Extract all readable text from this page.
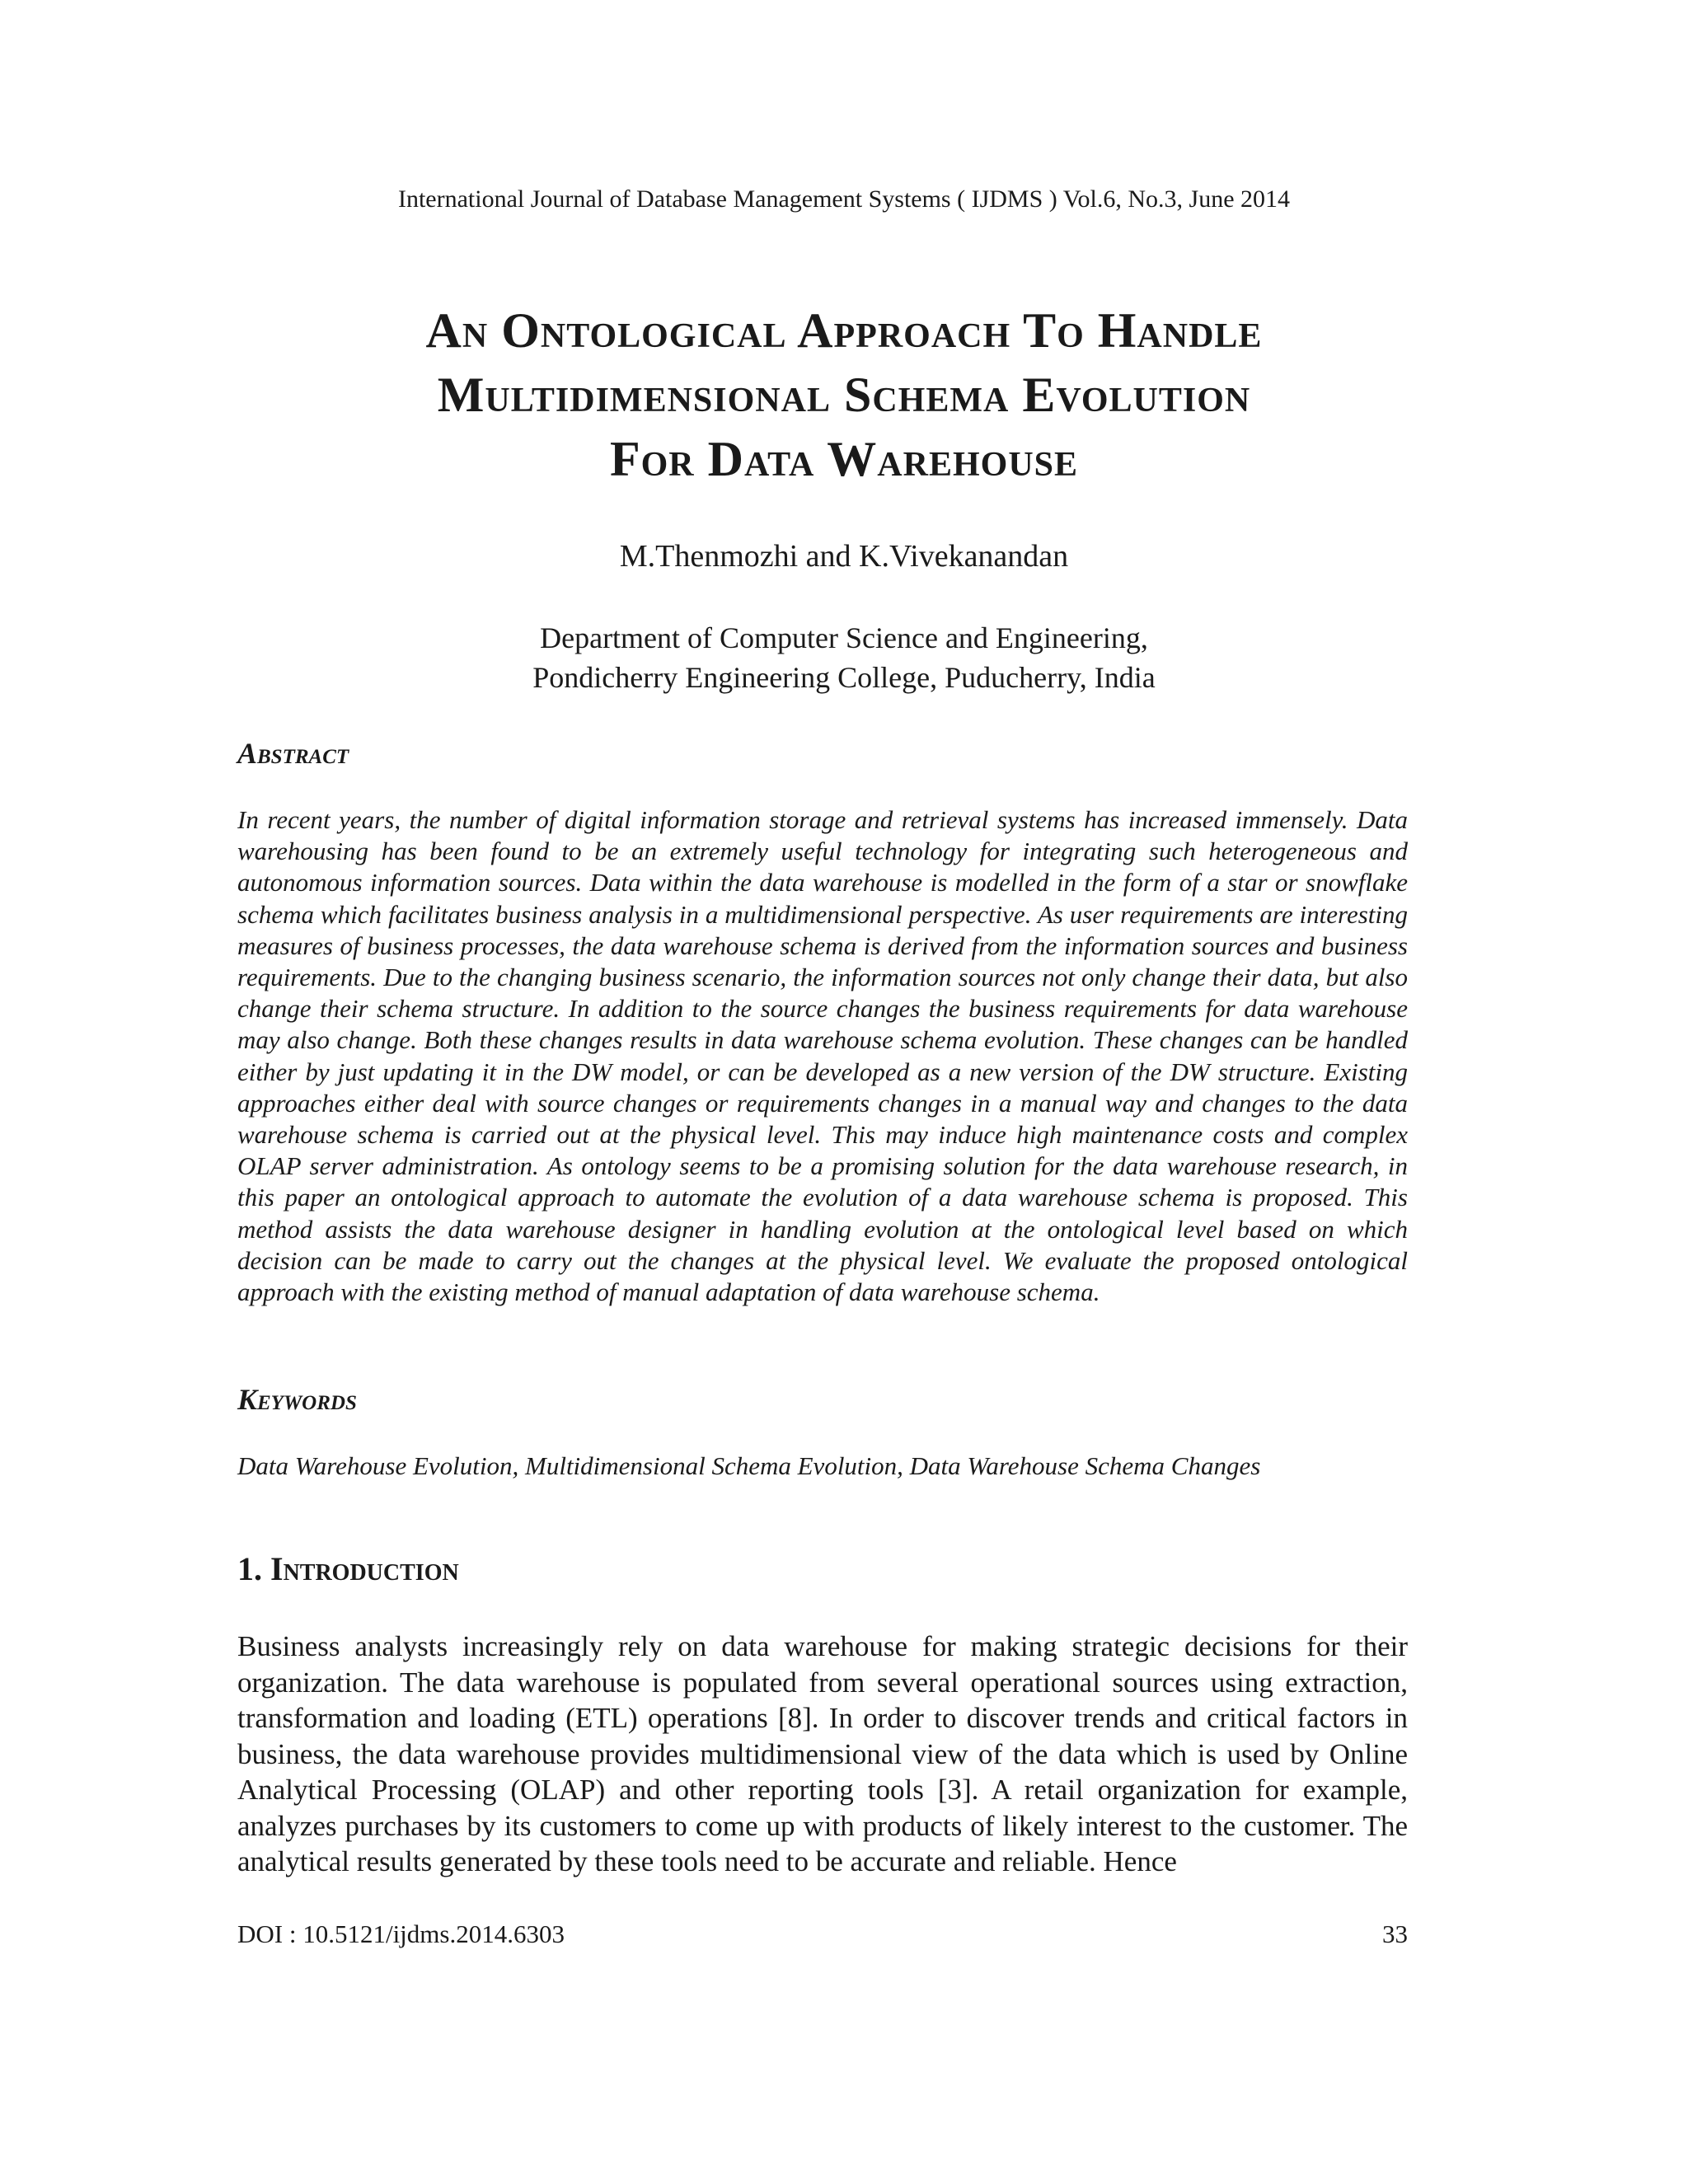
International Journal of Database Management Systems ( IJDMS ) Vol.6, No.3, June 2014
An Ontological Approach To Handle
Multidimensional Schema Evolution
For Data Warehouse
M.Thenmozhi and K.Vivekanandan
Department of Computer Science and Engineering,
Pondicherry Engineering College, Puducherry, India
Abstract
In recent years, the number of digital information storage and retrieval systems has increased immensely. Data warehousing has been found to be an extremely useful technology for integrating such heterogeneous and autonomous information sources. Data within the data warehouse is modelled in the form of a star or snowflake schema which facilitates business analysis in a multidimensional perspective. As user requirements are interesting measures of business processes, the data warehouse schema is derived from the information sources and business requirements. Due to the changing business scenario, the information sources not only change their data, but also change their schema structure. In addition to the source changes the business requirements for data warehouse may also change. Both these changes results in data warehouse schema evolution. These changes can be handled either by just updating it in the DW model, or can be developed as a new version of the DW structure. Existing approaches either deal with source changes or requirements changes in a manual way and changes to the data warehouse schema is carried out at the physical level. This may induce high maintenance costs and complex OLAP server administration. As ontology seems to be a promising solution for the data warehouse research, in this paper an ontological approach to automate the evolution of a data warehouse schema is proposed. This method assists the data warehouse designer in handling evolution at the ontological level based on which decision can be made to carry out the changes at the physical level. We evaluate the proposed ontological approach with the existing method of manual adaptation of data warehouse schema.
Keywords
Data Warehouse Evolution, Multidimensional Schema Evolution, Data Warehouse Schema Changes
1. Introduction
Business analysts increasingly rely on data warehouse for making strategic decisions for their organization. The data warehouse is populated from several operational sources using extraction, transformation and loading (ETL) operations [8]. In order to discover trends and critical factors in business, the data warehouse provides multidimensional view of the data which is used by Online Analytical Processing (OLAP) and other reporting tools [3]. A retail organization for example, analyzes purchases by its customers to come up with products of likely interest to the customer. The analytical results generated by these tools need to be accurate and reliable. Hence
DOI : 10.5121/ijdms.2014.6303	33
